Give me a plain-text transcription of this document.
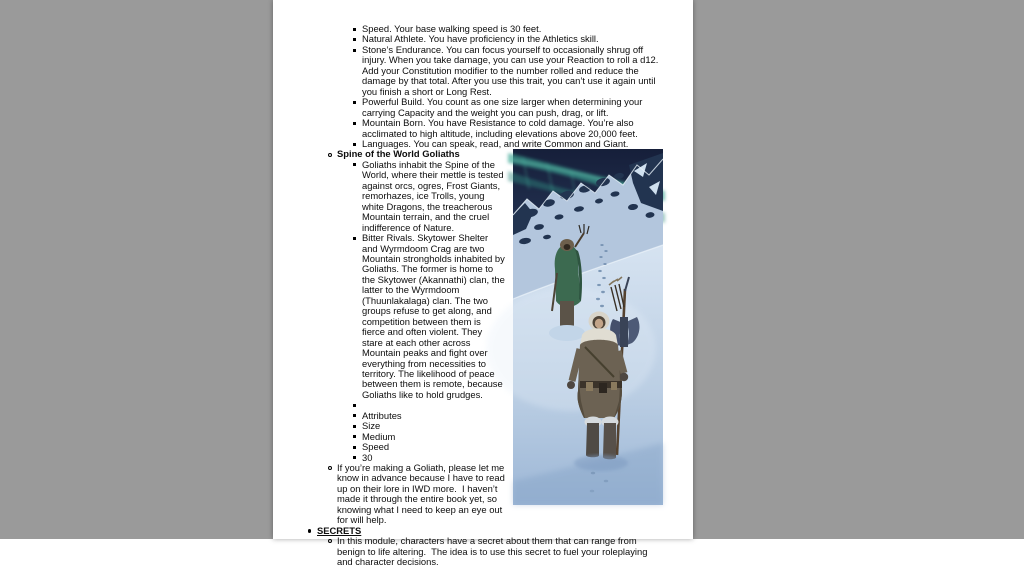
Speed. Your base walking speed is 30 feet.
Natural Athlete. You have proficiency in the Athletics skill.
Stone’s Endurance. You can focus yourself to occasionally shrug off injury. When you take damage, you can use your Reaction to roll a d12. Add your Constitution modifier to the number rolled and reduce the damage by that total. After you use this trait, you can’t use it again until you finish a short or Long Rest.
Powerful Build. You count as one size larger when determining your carrying Capacity and the weight you can push, drag, or lift.
Mountain Born. You have Resistance to cold damage. You’re also acclimated to high altitude, including elevations above 20,000 feet.
Languages. You can speak, read, and write Common and Giant.
Spine of the World Goliaths
Goliaths inhabit the Spine of the World, where their mettle is tested against orcs, ogres, Frost Giants, remorhazes, ice Trolls, young white Dragons, the treacherous Mountain terrain, and the cruel indifference of Nature.
Bitter Rivals. Skytower Shelter and Wyrmdoom Crag are two Mountain strongholds inhabited by Goliaths. The former is home to the Skytower (Akannathi) clan, the latter to the Wyrmdoom (Thuunlakalaga) clan. The two groups refuse to get along, and competition between them is fierce and often violent. They stare at each other across Mountain peaks and fight over everything from necessities to territory. The likelihood of peace between them is remote, because Goliaths like to hold grudges.
Attributes
Size
Medium
Speed
30
If you’re making a Goliath, please let me know in advance because I have to read up on their lore in IWD more.  I haven’t made it through the entire book yet, so knowing what I need to keep an eye out for will help.
SECRETS
In this module, characters have a secret about them that can range from benign to life altering.  The idea is to use this secret to fuel your roleplaying and character decisions.
